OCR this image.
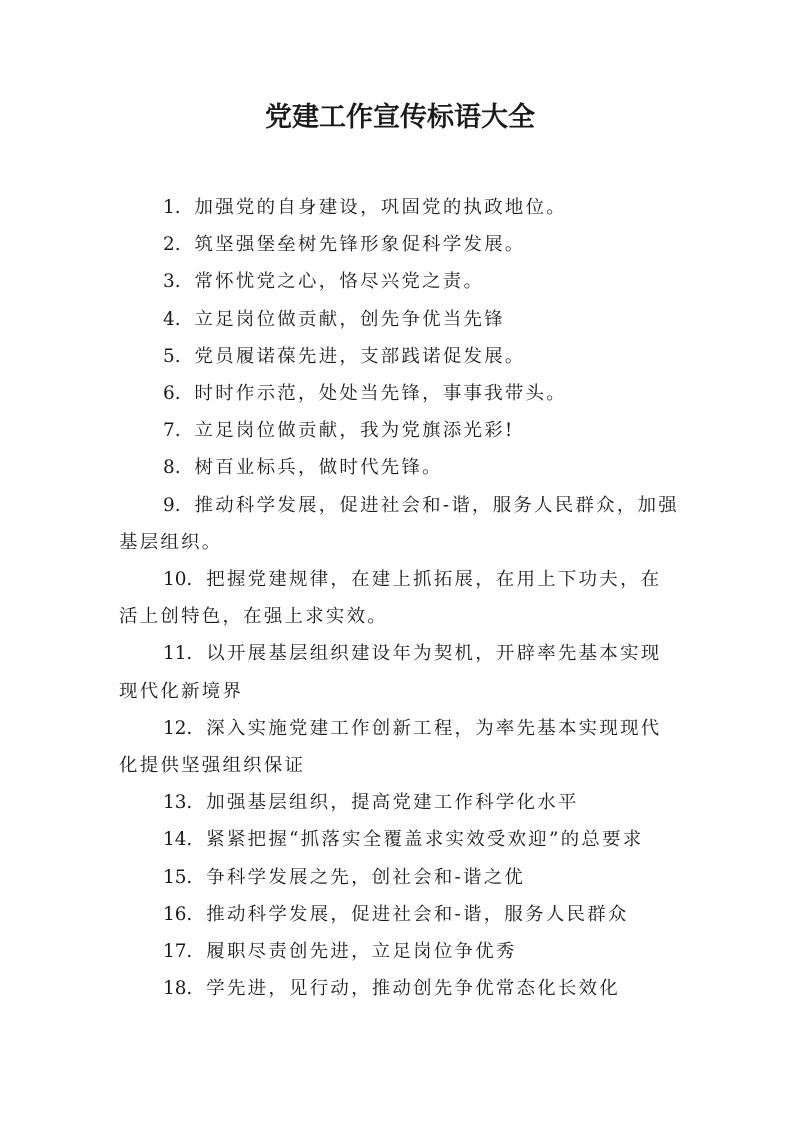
党建工作宣传标语大全
1. 加强党的自身建设，巩固党的执政地位。
2. 筑坚强堡垒树先锋形象促科学发展。
3. 常怀忧党之心，恪尽兴党之责。
4. 立足岗位做贡献，创先争优当先锋
5. 党员履诺葆先进，支部践诺促发展。
6. 时时作示范，处处当先锋，事事我带头。
7. 立足岗位做贡献，我为党旗添光彩!
8. 树百业标兵，做时代先锋。
9. 推动科学发展，促进社会和-谐，服务人民群众，加强基层组织。
10. 把握党建规律，在建上抓拓展，在用上下功夫，在活上创特色，在强上求实效。
11. 以开展基层组织建设年为契机，开辟率先基本实现现代化新境界
12. 深入实施党建工作创新工程，为率先基本实现现代化提供坚强组织保证
13. 加强基层组织，提高党建工作科学化水平
14. 紧紧把握“抓落实全覆盖求实效受欢迎”的总要求
15. 争科学发展之先，创社会和-谐之优
16. 推动科学发展，促进社会和-谐，服务人民群众
17. 履职尽责创先进，立足岗位争优秀
18. 学先进，见行动，推动创先争优常态化长效化
